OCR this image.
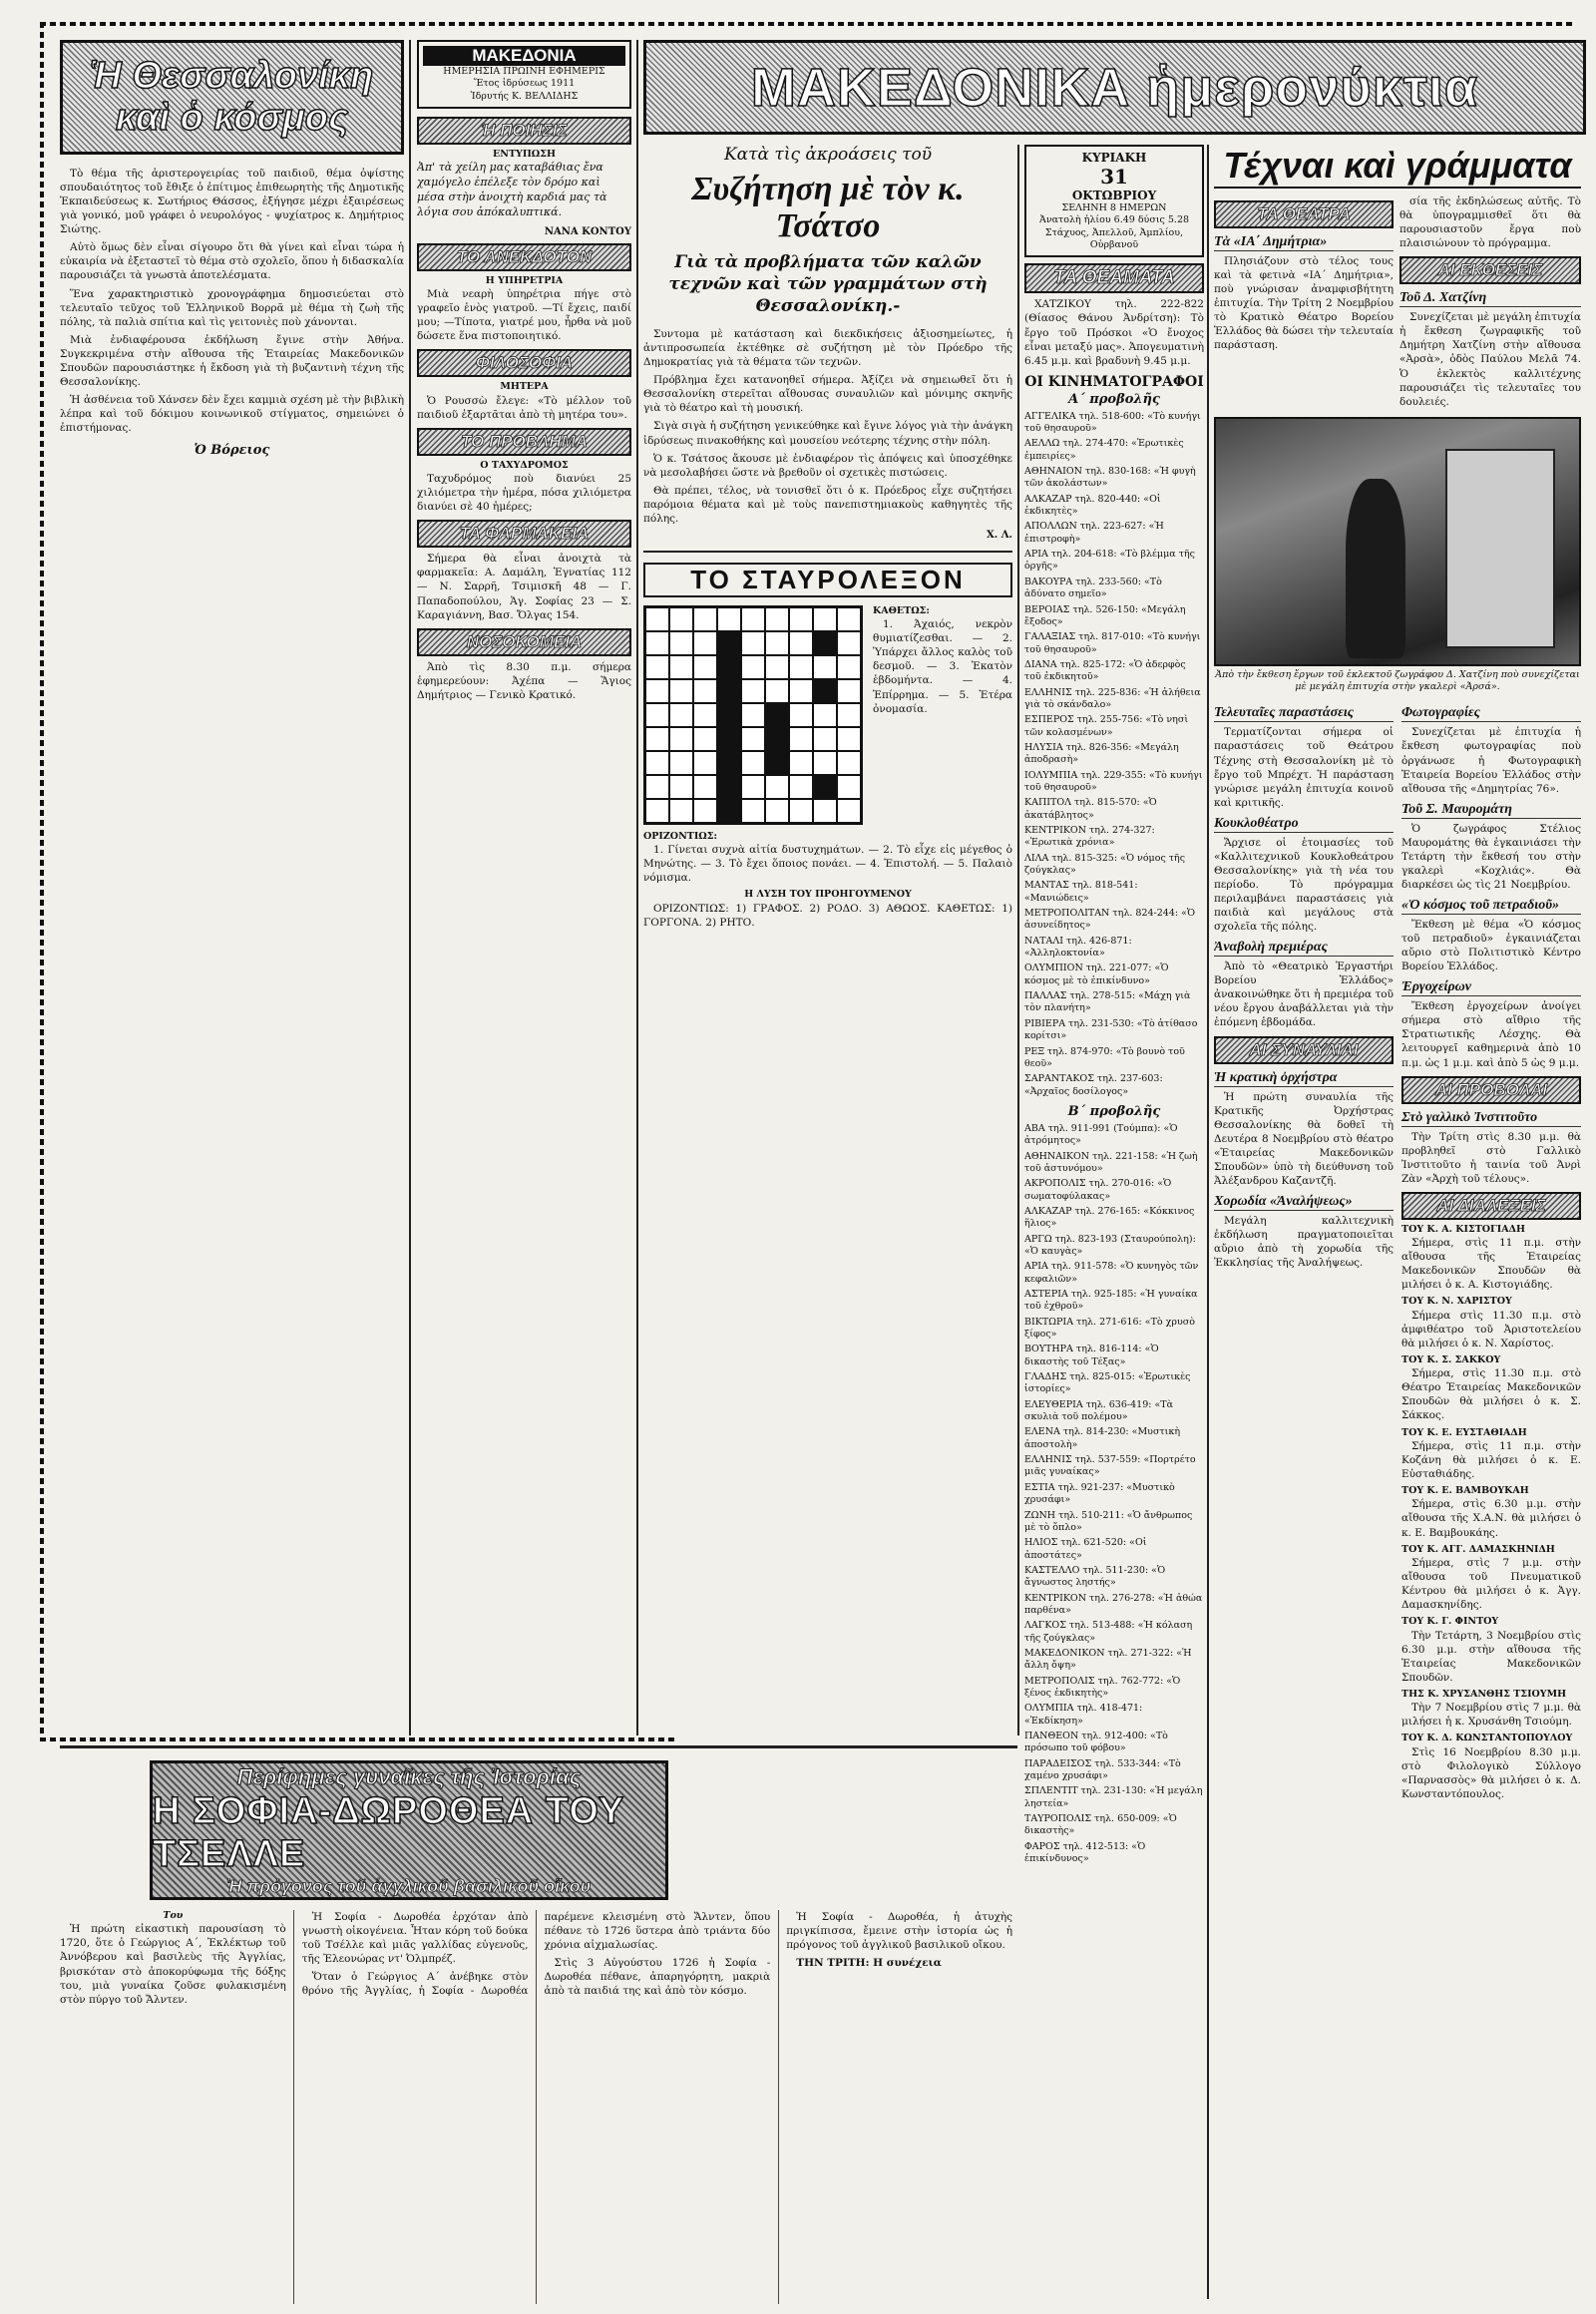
Ἡ Θεσσαλονίκη καὶ ὁ κόσμος

Τὸ θέμα τῆς ἀριστερογειρίας τοῦ παιδιοῦ, θέμα ὀψίστης σπουδαιότητος τοῦ ἔθιξε ὁ ἐπίτιμος ἐπιθεωρητὴς τῆς Δημοτικῆς Ἐκπαιδεύσεως κ. Σωτήριος Θάσσος, ἐξήγησε μέχρι ἐξαιρέσεως γιὰ γονικό, μοῦ γράφει ὁ νευρολόγος - ψυχίατρος κ. Δημήτριος Σιώτης.

Αὐτὸ ὅμως δὲν εἶναι σίγουρο ὅτι θὰ γίνει καὶ εἶναι τώρα ἡ εὐκαιρία νὰ ἐξεταστεῖ τὸ θέμα στὸ σχολεῖο, ὅπου ἡ διδασκαλία παρουσιάζει τὰ γνωστὰ ἀποτελέσματα.

Ἕνα χαρακτηριστικὸ χρονογράφημα δημοσιεύεται στὸ τελευταῖο τεῦχος τοῦ Ἑλληνικοῦ Βορρᾶ μὲ θέμα τὴ ζωὴ τῆς πόλης, τὰ παλιὰ σπίτια καὶ τὶς γειτονιὲς ποὺ χάνονται.

Μιὰ ἐνδιαφέρουσα ἐκδήλωση ἔγινε στὴν Ἀθήνα. Συγκεκριμένα στὴν αἴθουσα τῆς Ἑταιρείας Μακεδονικῶν Σπουδῶν παρουσιάστηκε ἡ ἔκδοση γιὰ τὴ βυζαντινὴ τέχνη τῆς Θεσσαλονίκης.

Ἡ ἀσθένεια τοῦ Χάνσεν δὲν ἔχει καμμιὰ σχέση μὲ τὴν βιβλικὴ λέπρα καὶ τοῦ δόκιμου κοινωνικοῦ στίγματος, σημειώνει ὁ ἐπιστήμονας.

Ὁ Βόρειος
ΜΑΚΕΔΟΝΙΑ
ΗΜΕΡΗΣΙΑ ΠΡΩΙΝΗ ΕΦΗΜΕΡΙΣ
Ἔτος ἱδρύσεως 1911
Ἰδρυτής Κ. ΒΕΛΛΙΔΗΣ
Ἡ ΠΟΙΗΣΙΣ
ΕΝΤΥΠΩΣΗ
Ἀπ' τὰ χείλη μας καταβάθιας ἔνα χαμόγελο ἐπέλεξε τὸν δρόμο καὶ μέσα στὴν ἀνοιχτὴ καρδιά μας τὰ λόγια σου ἀπόκαλυπτικά.
ΝΑΝΑ ΚΟΝΤΟΥ
ΤΟ ΑΝΕΚΔΟΤΟΝ
Η ΥΠΗΡΕΤΡΙΑ

Μιὰ νεαρὴ ὑπηρέτρια πήγε στὸ γραφεῖο ἑνὸς γιατροῦ. —Τί ἔχεις, παιδί μου; —Τίποτα, γιατρέ μου, ἦρθα νὰ μοῦ δώσετε ἕνα πιστοποιητικό.

ΦΙΛΟΣΟΦΙΑ
ΜΗΤΕΡΑ

Ὁ Ρουσσὼ ἔλεγε: «Τὸ μέλλον τοῦ παιδιοῦ ἐξαρτᾶται ἀπὸ τὴ μητέρα του».

ΤΟ ΠΡΟΒΛΗΜΑ
Ο ΤΑΧΥΔΡΟΜΟΣ

Ταχυδρόμος ποὺ διανύει 25 χιλιόμετρα τὴν ἡμέρα, πόσα χιλιόμετρα διανύει σὲ 40 ἡμέρες;

ΤΑ ΦΑΡΜΑΚΕΙΑ

Σήμερα θὰ εἶναι ἀνοιχτὰ τὰ φαρμακεῖα: Α. Δαμάλη, Ἐγνατίας 112 — Ν. Σαρρῆ, Τσιμισκῆ 48 — Γ. Παπαδοπούλου, Ἁγ. Σοφίας 23 — Σ. Καραγιάννη, Βασ. Ὄλγας 154.

ΝΟΣΟΚΟΜΕΙΑ

Ἀπὸ τὶς 8.30 π.μ. σήμερα ἐφημερεύουν: Ἀχέπα — Ἅγιος Δημήτριος — Γενικὸ Κρατικό.

ΜΑΚΕΔΟΝΙΚΑ ἡμερονύκτια
Κατὰ τὶς ἀκροάσεις τοῦ
Συζήτηση μὲ τὸν κ. Τσάτσο
Γιὰ τὰ προβλήματα τῶν καλῶν τεχνῶν καὶ τῶν γραμμάτων στὴ Θεσσαλονίκη.-

Συντομα μὲ κατάσταση καὶ διεκδικήσεις ἀξιοσημείωτες, ἡ ἀντιπροσωπεία ἐκτέθηκε σὲ συζήτηση μὲ τὸν Πρόεδρο τῆς Δημοκρατίας γιὰ τὰ θέματα τῶν τεχνῶν.

Πρόβλημα ἔχει κατανοηθεῖ σήμερα. Ἀξίζει νὰ σημειωθεῖ ὅτι ἡ Θεσσαλονίκη στερεῖται αἴθουσας συναυλιῶν καὶ μόνιμης σκηνῆς γιὰ τὸ θέατρο καὶ τὴ μουσική.

Σιγὰ σιγὰ ἡ συζήτηση γενικεύθηκε καὶ ἔγινε λόγος γιὰ τὴν ἀνάγκη ἱδρύσεως πινακοθήκης καὶ μουσείου νεότερης τέχνης στὴν πόλη.

Ὁ κ. Τσάτσος ἄκουσε μὲ ἐνδιαφέρον τὶς ἀπόψεις καὶ ὑποσχέθηκε νὰ μεσολαβήσει ὥστε νὰ βρεθοῦν οἱ σχετικὲς πιστώσεις.

Θὰ πρέπει, τέλος, νὰ τονισθεῖ ὅτι ὁ κ. Πρόεδρος εἶχε συζητήσει παρόμοια θέματα καὶ μὲ τοὺς πανεπιστημιακοὺς καθηγητὲς τῆς πόλης.

Χ. Λ.
ΤΟ ΣΤΑΥΡΟΛΕΞΟΝ
ΚΑΘΕΤΩΣ:

1. Ἀχαιός, νεκρὸν θυμιατίζεσθαι. — 2. Ὑπάρχει ἄλλος καλὸς τοῦ δεσμοῦ. — 3. Ἐκατὸν ἑβδομήντα. — 4. Ἐπίρρημα. — 5. Ἐτέρα ὀνομασία.

ΟΡΙΖΟΝΤΙΩΣ:

1. Γίνεται συχνὰ αἰτία δυστυχημάτων. — 2. Τὸ εἶχε εἰς μέγεθος ὁ Μηνώτης. — 3. Τὸ ἔχει ὅποιος πονάει. — 4. Ἐπιστολή. — 5. Παλαιὸ νόμισμα.

Η ΛΥΣΗ ΤΟΥ ΠΡΟΗΓΟΥΜΕΝΟΥ

ΟΡΙΖΟΝΤΙΩΣ: 1) ΓΡΑΦΟΣ. 2) ΡΟΔΟ. 3) ΑΘΩΟΣ. ΚΑΘΕΤΩΣ: 1) ΓΟΡΓΟΝΑ. 2) ΡΗΤΟ.

ΚΥΡΙΑΚΗ
31
ΟΚΤΩΒΡΙΟΥ
ΣΕΛΗΝΗ 8 ΗΜΕΡΩΝ
Ἀνατολὴ ἡλίου 6.49 δύσις 5.28
Στάχυος, Ἀπελλοῦ, Ἀμπλίου, Οὐρβανοῦ
ΤΑ ΘΕΑΜΑΤΑ

ΧΑΤΖΙΚΟΥ τηλ. 222-822 (Θίασος Θάνου Ἀνδρίτση): Τὸ ἔργο τοῦ Πρόσκοι «Ὁ ἔνοχος εἶναι μεταξύ μας». Ἀπογευματινὴ 6.45 μ.μ. καὶ βραδυνὴ 9.45 μ.μ.

ΟΙ ΚΙΝΗΜΑΤΟΓΡΑΦΟΙ
Α΄ προβολῆς
ΑΓΓΕΛΙΚΑ τηλ. 518-600: «Τὸ κυνήγι τοῦ θησαυροῦ»
ΑΕΛΛΩ τηλ. 274-470: «Ἐρωτικὲς ἐμπειρίες»
ΑΘΗΝΑΙΟΝ τηλ. 830-168: «Ἡ φυγὴ τῶν ἀκολάστων»
ΑΛΚΑΖΑΡ τηλ. 820-440: «Οἱ ἐκδικητὲς»
ΑΠΟΛΛΩΝ τηλ. 223-627: «Ἡ ἐπιστροφὴ»
ΑΡΙΑ τηλ. 204-618: «Τὸ βλέμμα τῆς ὀργῆς»
ΒΑΚΟΥΡΑ τηλ. 233-560: «Τὸ ἀδύνατο σημεῖο»
ΒΕΡΟΙΑΣ τηλ. 526-150: «Μεγάλη ἔξοδος»
ΓΑΛΑΞΙΑΣ τηλ. 817-010: «Τὸ κυνήγι τοῦ θησαυροῦ»
ΔΙΑΝΑ τηλ. 825-172: «Ὁ ἀδερφὸς τοῦ ἐκδικητοῦ»
ΕΛΛΗΝΙΣ τηλ. 225-836: «Ἡ ἀλήθεια γιὰ τὸ σκάνδαλο»
ΕΣΠΕΡΟΣ τηλ. 255-756: «Τὸ νησὶ τῶν κολασμένων»
ΗΛΥΣΙΑ τηλ. 826-356: «Μεγάλη ἀποδρασὴ»
ΙΟΛΥΜΠΙΑ τηλ. 229-355: «Τὸ κυνήγι τοῦ θησαυροῦ»
ΚΑΠΙΤΟΛ τηλ. 815-570: «Ὁ ἀκατάβλητος»
ΚΕΝΤΡΙΚΟΝ τηλ. 274-327: «Ἐρωτικὰ χρόνια»
ΛΙΛΑ τηλ. 815-325: «Ὁ νόμος τῆς ζούγκλας»
ΜΑΝΤΑΣ τηλ. 818-541: «Μανιώδεις»
ΜΕΤΡΟΠΟΛΙΤΑΝ τηλ. 824-244: «Ὁ ἀσυνείδητος»
ΝΑΤΑΛΙ τηλ. 426-871: «Ἀλληλοκτονία»
ΟΛΥΜΠΙΟΝ τηλ. 221-077: «Ὁ κόσμος μὲ τὸ ἐπικίνδυνο»
ΠΑΛΛΑΣ τηλ. 278-515: «Μάχη γιὰ τὸν πλανήτη»
ΡΙΒΙΕΡΑ τηλ. 231-530: «Τὸ ἀτίθασο κορίτσι»
ΡΕΞ τηλ. 874-970: «Τὸ βουνὸ τοῦ θεοῦ»
ΣΑΡΑΝΤΑΚΟΣ τηλ. 237-603: «Ἀρχαῖος δοσίλογος»
Β΄ προβολῆς
ΑΒΑ τηλ. 911-991 (Τούμπα): «Ὁ ἀτρόμητος»
ΑΘΗΝΑΙΚΟΝ τηλ. 221-158: «Ἡ ζωὴ τοῦ ἀστυνόμου»
ΑΚΡΟΠΟΛΙΣ τηλ. 270-016: «Ὁ σωματοφύλακας»
ΑΛΚΑΖΑΡ τηλ. 276-165: «Κόκκινος ἥλιος»
ΑΡΓΩ τηλ. 823-193 (Σταυρούπολη): «Ὁ καυγὰς»
ΑΡΙΑ τηλ. 911-578: «Ὁ κυνηγὸς τῶν κεφαλιῶν»
ΑΣΤΕΡΙΑ τηλ. 925-185: «Ἡ γυναίκα τοῦ ἐχθροῦ»
ΒΙΚΤΩΡΙΑ τηλ. 271-616: «Τὸ χρυσὸ ξίφος»
ΒΟΥΤΗΡΑ τηλ. 816-114: «Ὁ δικαστὴς τοῦ Τέξας»
ΓΛΑΔΗΣ τηλ. 825-015: «Ἐρωτικὲς ἱστορίες»
ΕΛΕΥΘΕΡΙΑ τηλ. 636-419: «Τὰ σκυλιὰ τοῦ πολέμου»
ΕΛΕΝΑ τηλ. 814-230: «Μυστικὴ ἀποστολὴ»
ΕΛΛΗΝΙΣ τηλ. 537-559: «Πορτρέτο μιᾶς γυναίκας»
ΕΣΤΙΑ τηλ. 921-237: «Μυστικὸ χρυσάφι»
ΖΩΝΗ τηλ. 510-211: «Ὁ ἄνθρωπος μὲ τὸ ὅπλο»
ΗΛΙΟΣ τηλ. 621-520: «Οἱ ἀποστάτες»
ΚΑΣΤΕΛΛΟ τηλ. 511-230: «Ὁ ἄγνωστος ληστής»
ΚΕΝΤΡΙΚΟΝ τηλ. 276-278: «Ἡ ἀθώα παρθένα»
ΛΑΓΚΟΣ τηλ. 513-488: «Ἡ κόλαση τῆς ζούγκλας»
ΜΑΚΕΔΟΝΙΚΟΝ τηλ. 271-322: «Ἡ ἄλλη ὄψη»
ΜΕΤΡΟΠΟΛΙΣ τηλ. 762-772: «Ὁ ξένος ἐκδικητὴς»
ΟΛΥΜΠΙΑ τηλ. 418-471: «Ἐκδίκηση»
ΠΑΝΘΕΟΝ τηλ. 912-400: «Τὸ πρόσωπο τοῦ φόβου»
ΠΑΡΑΔΕΙΣΟΣ τηλ. 533-344: «Τὸ χαμένο χρυσάφι»
ΣΠΛΕΝΤΙΤ τηλ. 231-130: «Ἡ μεγάλη ληστεία»
ΤΑΥΡΟΠΟΛΙΣ τηλ. 650-009: «Ὁ δικαστὴς»
ΦΑΡΟΣ τηλ. 412-513: «Ὁ ἐπικίνδυνος»
Τέχναι καὶ γράμματα
ΤΑ ΘΕΑΤΡΑ
Τὰ «ΙΑ΄ Δημήτρια»

Πλησιάζουν στὸ τέλος τους καὶ τὰ φετινὰ «ΙΑ΄ Δημήτρια», ποὺ γνώρισαν ἀναμφισβήτητη ἐπιτυχία. Τὴν Τρίτη 2 Νοεμβρίου τὸ Κρατικὸ Θέατρο Βορείου Ἑλλάδος θὰ δώσει τὴν τελευταία παράσταση.

σία τῆς ἐκδηλώσεως αὐτῆς. Τὸ θὰ ὑπογραμμισθεῖ ὅτι θὰ παρουσιαστοῦν ἔργα ποὺ πλαισιώνουν τὸ πρόγραμμα.

ΑΙ ΕΚΘΕΣΕΙΣ
Τοῦ Δ. Χατζίνη

Συνεχίζεται μὲ μεγάλη ἐπιτυχία ἡ ἔκθεση ζωγραφικῆς τοῦ Δημήτρη Χατζίνη στὴν αἴθουσα «Ἀρσὰ», ὁδὸς Παύλου Μελᾶ 74. Ὁ ἐκλεκτὸς καλλιτέχνης παρουσιάζει τὶς τελευταῖες του δουλειές.

Ἀπὸ τὴν ἔκθεση ἔργων τοῦ ἐκλεκτοῦ ζωγράφου Δ. Χατζίνη ποὺ συνεχίζεται μὲ μεγάλη ἐπιτυχία στὴν γκαλερὶ «Ἀρσά».

Τελευταῖες παραστάσεις

Τερματίζονται σήμερα οἱ παραστάσεις τοῦ Θεάτρου Τέχνης στὴ Θεσσαλονίκη μὲ τὸ ἔργο τοῦ Μπρέχτ. Ἡ παράσταση γνώρισε μεγάλη ἐπιτυχία κοινοῦ καὶ κριτικῆς.

Κουκλοθέατρο

Ἄρχισε οἱ ἑτοιμασίες τοῦ «Καλλιτεχνικοῦ Κουκλοθεάτρου Θεσσαλονίκης» γιὰ τὴ νέα του περίοδο. Τὸ πρόγραμμα περιλαμβάνει παραστάσεις γιὰ παιδιὰ καὶ μεγάλους στὰ σχολεῖα τῆς πόλης.

Ἀναβολὴ πρεμιέρας

Ἀπὸ τὸ «Θεατρικὸ Ἐργαστήρι Βορείου Ἑλλάδος» ἀνακοινώθηκε ὅτι ἡ πρεμιέρα τοῦ νέου ἔργου ἀναβάλλεται γιὰ τὴν ἑπόμενη ἑβδομάδα.

ΑΙ ΣΥΝΑΥΛΙΑΙ
Ἡ κρατικὴ ὀρχήστρα

Ἡ πρώτη συναυλία τῆς Κρατικῆς Ὀρχήστρας Θεσσαλονίκης θὰ δοθεῖ τὴ Δευτέρα 8 Νοεμβρίου στὸ θέατρο «Ἑταιρείας Μακεδονικῶν Σπουδῶν» ὑπὸ τὴ διεύθυνση τοῦ Ἀλέξανδρου Καζαντζῆ.

Χορωδία «Ἀναλήψεως»

Μεγάλη καλλιτεχνικὴ ἐκδήλωση πραγματοποιεῖται αὔριο ἀπὸ τὴ χορωδία τῆς Ἐκκλησίας τῆς Ἀναλήψεως.

Φωτογραφίες

Συνεχίζεται μὲ ἐπιτυχία ἡ ἔκθεση φωτογραφίας ποὺ ὀργάνωσε ἡ Φωτογραφικὴ Ἑταιρεία Βορείου Ἑλλάδος στὴν αἴθουσα τῆς «Δημητρίας 76».

Τοῦ Σ. Μαυρομάτη

Ὁ ζωγράφος Στέλιος Μαυρομάτης θὰ ἐγκαινιάσει τὴν Τετάρτη τὴν ἔκθεσή του στὴν γκαλερὶ «Κοχλιάς». Θὰ διαρκέσει ὡς τὶς 21 Νοεμβρίου.

«Ὁ κόσμος τοῦ πετραδιοῦ»

Ἔκθεση μὲ θέμα «Ὁ κόσμος τοῦ πετραδιοῦ» ἐγκαινιάζεται αὔριο στὸ Πολιτιστικὸ Κέντρο Βορείου Ἑλλάδος.

Ἐργοχείρων

Ἔκθεση ἐργοχείρων ἀνοίγει σήμερα στὸ αἴθριο τῆς Στρατιωτικῆς Λέσχης. Θὰ λειτουργεῖ καθημερινὰ ἀπὸ 10 π.μ. ὡς 1 μ.μ. καὶ ἀπὸ 5 ὡς 9 μ.μ.

ΑΙ ΠΡΟΒΟΛΑΙ
Στὸ γαλλικὸ Ἰνστιτοῦτο

Τὴν Τρίτη στὶς 8.30 μ.μ. θὰ προβληθεῖ στὸ Γαλλικὸ Ἰνστιτοῦτο ἡ ταινία τοῦ Ἀνρὶ Ζὰν «Ἀρχὴ τοῦ τέλους».

ΑΙ ΔΙΑΛΕΞΕΙΣ
ΤΟΥ Κ. Α. ΚΙΣΤΟΓΙΑΔΗ

Σήμερα, στὶς 11 π.μ. στὴν αἴθουσα τῆς Ἑταιρείας Μακεδονικῶν Σπουδῶν θὰ μιλήσει ὁ κ. Α. Κιστογιάδης.

ΤΟΥ Κ. Ν. ΧΑΡΙΣΤΟΥ

Σήμερα στὶς 11.30 π.μ. στὸ ἀμφιθέατρο τοῦ Ἀριστοτελείου θὰ μιλήσει ὁ κ. Ν. Χαρίστος.

ΤΟΥ Κ. Σ. ΣΑΚΚΟΥ

Σήμερα, στὶς 11.30 π.μ. στὸ Θέατρο Ἑταιρείας Μακεδονικῶν Σπουδῶν θὰ μιλήσει ὁ κ. Σ. Σάκκος.

ΤΟΥ Κ. Ε. ΕΥΣΤΑΘΙΑΔΗ

Σήμερα, στὶς 11 π.μ. στὴν Κοζάνη θὰ μιλήσει ὁ κ. Ε. Εὐσταθιάδης.

ΤΟΥ Κ. Ε. ΒΑΜΒΟΥΚΑΗ

Σήμερα, στὶς 6.30 μ.μ. στὴν αἴθουσα τῆς Χ.Α.Ν. θὰ μιλήσει ὁ κ. Ε. Βαμβουκάης.

ΤΟΥ Κ. ΑΓΓ. ΔΑΜΑΣΚΗΝΙΔΗ

Σήμερα, στὶς 7 μ.μ. στὴν αἴθουσα τοῦ Πνευματικοῦ Κέντρου θὰ μιλήσει ὁ κ. Ἀγγ. Δαμασκηνίδης.

ΤΟΥ Κ. Γ. ΦΙΝΤΟΥ

Τὴν Τετάρτη, 3 Νοεμβρίου στὶς 6.30 μ.μ. στὴν αἴθουσα τῆς Ἑταιρείας Μακεδονικῶν Σπουδῶν.

ΤΗΣ Κ. ΧΡΥΣΑΝΘΗΣ ΤΣΙΟΥΜΗ

Τὴν 7 Νοεμβρίου στὶς 7 μ.μ. θὰ μιλήσει ἡ κ. Χρυσάνθη Τσιούμη.

ΤΟΥ Κ. Δ. ΚΩΝΣΤΑΝΤΟΠΟΥΛΟΥ

Στὶς 16 Νοεμβρίου 8.30 μ.μ. στὸ Φιλολογικὸ Σύλλογο «Παρνασσὸς» θὰ μιλήσει ὁ κ. Δ. Κωνσταντόπουλος.

Περίφημες γυναῖκες τῆς Ἱστορίας
Η ΣΟΦΙΑ-ΔΩΡΟΘΕΑ ΤΟΥ ΤΣΕΛΛΕ
Ἡ πρόγονος τοῦ ἀγγλικοῦ βασιλικοῦ οἴκου
Του

Ἡ πρώτη εἰκαστικὴ παρουσίαση τὸ 1720, ὅτε ὁ Γεώργιος Α΄, Ἐκλέκτωρ τοῦ Ἀννόβερου καὶ βασιλεὺς τῆς Ἀγγλίας, βρισκόταν στὸ ἀποκορύφωμα τῆς δόξης του, μιὰ γυναίκα ζοῦσε φυλακισμένη στὸν πύργο τοῦ Ἄλντεν.

Ἡ Σοφία - Δωροθέα ἐρχόταν ἀπὸ γνωστὴ οἰκογένεια. Ἦταν κόρη τοῦ δούκα τοῦ Τσέλλε καὶ μιᾶς γαλλίδας εὐγενοῦς, τῆς Ἐλεονώρας ντ' Ὀλμπρέζ.

Ὅταν ὁ Γεώργιος Α΄ ἀνέβηκε στὸν θρόνο τῆς Ἀγγλίας, ἡ Σοφία - Δωροθέα παρέμενε κλεισμένη στὸ Ἄλντεν, ὅπου πέθανε τὸ 1726 ὕστερα ἀπὸ τριάντα δύο χρόνια αἰχμαλωσίας.

Στὶς 3 Αὐγούστου 1726 ἡ Σοφία - Δωροθέα πέθανε, ἀπαρηγόρητη, μακριὰ ἀπὸ τὰ παιδιά της καὶ ἀπὸ τὸν κόσμο.

Ἡ Σοφία - Δωροθέα, ἡ ἀτυχὴς πριγκίπισσα, ἔμεινε στὴν ἱστορία ὡς ἡ πρόγονος τοῦ ἀγγλικοῦ βασιλικοῦ οἴκου.

ΤΗΝ ΤΡΙΤΗ: Η συνέχεια
